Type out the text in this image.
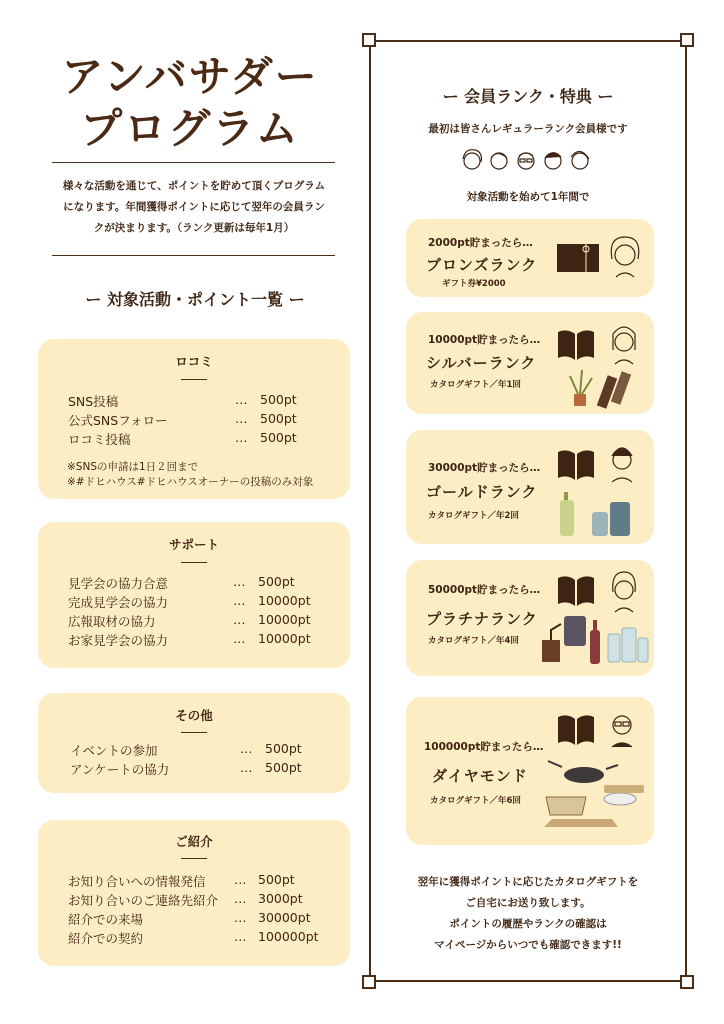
アンバサダー
プログラム
様々な活動を通じて、ポイントを貯めて頂くプログラム
になります。年間獲得ポイントに応じて翌年の会員ラン
クが決まります。（ランク更新は毎年1月）
ー 対象活動・ポイント一覧 ー
ロコミ
SNS投稿	… 500pt
公式SNSフォロー	… 500pt
ロコミ投稿	… 500pt
※SNSの申請は1日２回まで
※#ドヒハウス#ドヒハウスオーナーの投稿のみ対象
サポート
見学会の協力合意	… 500pt
完成見学会の協力	… 10000pt
広報取材の協力	… 10000pt
お家見学会の協力	… 10000pt
その他
イベントの参加	… 500pt
アンケートの協力	… 500pt
ご紹介
お知り合いへの情報発信 … 500pt
お知り合いのご連絡先紹介 … 3000pt
紹介での来場	… 30000pt
紹介での契約	… 100000pt
ー 会員ランク・特典 ー
最初は皆さんレギュラーランク会員様です
対象活動を始めて1年間で
2000pt貯まったら…
ブロンズランク
ギフト券¥2000
10000pt貯まったら…
シルバーランク
カタログギフト／年1回
30000pt貯まったら…
ゴールドランク
カタログギフト／年2回
50000pt貯まったら…
プラチナランク
カタログギフト／年4回
100000pt貯まったら…
ダイヤモンド
カタログギフト／年6回
翌年に獲得ポイントに応じたカタログギフトを
ご自宅にお送り致します。
ポイントの履歴やランクの確認は
マイページからいつでも確認できます!!
